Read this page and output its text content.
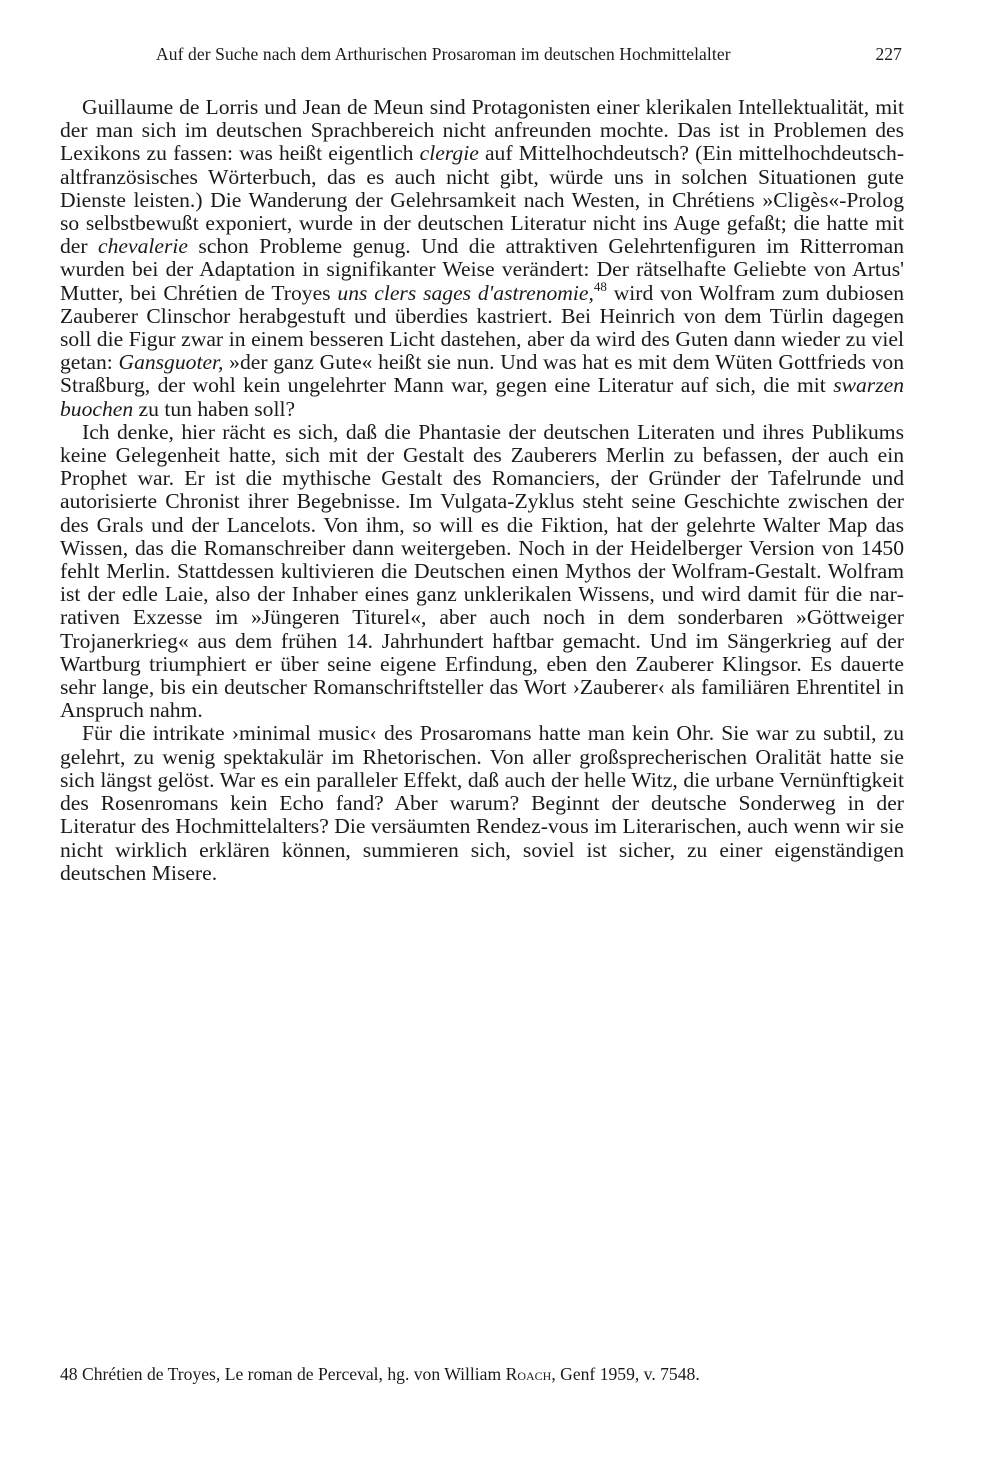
Auf der Suche nach dem Arthurischen Prosaroman im deutschen Hochmittelalter	227

Guillaume de Lorris und Jean de Meun sind Protagonisten einer klerikalen Intellektualität, mit der man sich im deutschen Sprachbereich nicht anfreunden mochte. Das ist in Problemen des Lexikons zu fassen: was heißt eigentlich clergie auf Mittelhochdeutsch? (Ein mittelhochdeutsch-altfranzösisches Wörterbuch, das es auch nicht gibt, würde uns in solchen Situationen gute Dienste leisten.) Die Wanderung der Gelehrsamkeit nach Westen, in Chrétiens »Cligès«-Prolog so selbstbewußt exponiert, wurde in der deutschen Literatur nicht ins Auge gefaßt; die hatte mit der chevalerie schon Probleme genug. Und die attraktiven Gelehrtenfiguren im Ritterroman wurden bei der Adaptation in signifikanter Weise verändert: Der rätselhafte Geliebte von Artus' Mutter, bei Chrétien de Troyes uns clers sages d'astrenomie,$^{48}$ wird von Wolfram zum dubiosen Zauberer Clinschor herabgestuft und überdies kastriert. Bei Heinrich von dem Türlin dagegen soll die Figur zwar in einem besseren Licht dastehen, aber da wird des Guten dann wieder zu viel getan: Gansguoter, »der ganz Gute« heißt sie nun. Und was hat es mit dem Wüten Gottfrieds von Straßburg, der wohl kein ungelehrter Mann war, gegen eine Literatur auf sich, die mit swarzen buochen zu tun haben soll?

Ich denke, hier rächt es sich, daß die Phantasie der deutschen Literaten und ihres Publikums keine Gelegenheit hatte, sich mit der Gestalt des Zauberers Merlin zu befassen, der auch ein Prophet war. Er ist die mythische Gestalt des Romanciers, der Gründer der Tafelrunde und autorisierte Chronist ihrer Begebnisse. Im Vulgata-Zyklus steht seine Geschichte zwischen der des Grals und der Lancelots. Von ihm, so will es die Fiktion, hat der gelehrte Walter Map das Wissen, das die Romanschreiber dann weitergeben. Noch in der Heidelberger Version von 1450 fehlt Merlin. Stattdessen kultivieren die Deutschen einen Mythos der Wolfram-Gestalt. Wolfram ist der edle Laie, also der Inhaber eines ganz unklerikalen Wissens, und wird damit für die narrativen Exzesse im »Jüngeren Titurel«, aber auch noch in dem sonderbaren »Göttweiger Trojanerkrieg« aus dem frühen 14. Jahrhundert haftbar gemacht. Und im Sängerkrieg auf der Wartburg triumphiert er über seine eigene Erfindung, eben den Zauberer Klingsor. Es dauerte sehr lange, bis ein deutscher Romanschriftsteller das Wort ›Zauberer‹ als familiären Ehrentitel in Anspruch nahm.

Für die intrikate ›minimal music‹ des Prosaromans hatte man kein Ohr. Sie war zu subtil, zu gelehrt, zu wenig spektakulär im Rhetorischen. Von aller großsprecherischen Oralität hatte sie sich längst gelöst. War es ein paralleler Effekt, daß auch der helle Witz, die urbane Vernünftigkeit des Rosenromans kein Echo fand? Aber warum? Beginnt der deutsche Sonderweg in der Literatur des Hochmittelalters? Die versäumten Rendez-vous im Literarischen, auch wenn wir sie nicht wirklich erklären können, summieren sich, soviel ist sicher, zu einer eigenständigen deutschen Misere.

48 Chrétien de Troyes, Le roman de Perceval, hg. von William Roach, Genf 1959, v. 7548.
